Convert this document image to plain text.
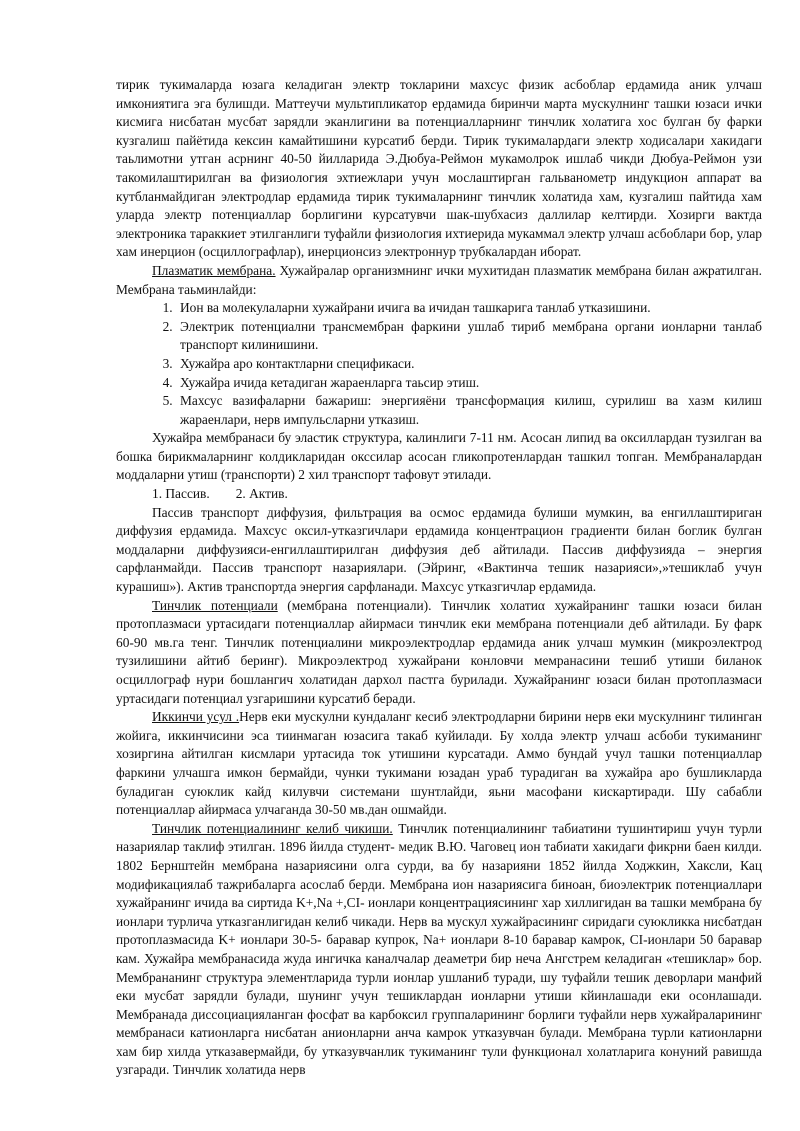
тирик тукималарда юзага келадиган электр токларини махсус физик асбоблар ердамида аник улчаш имкониятига эга булишди. Маттеучи мультипликатор ердамида биринчи марта мускулнинг ташки юзаси ички кисмига нисбатан мусбат зарядли эканлигини ва потенциалларнинг тинчлик холатига хос булган бу фарки кузгалиш пайётида кексин камайтишини курсатиб берди. Тирик тукималардаги электр ходисалари хакидаги таьлимотни утган асрнинг 40-50 йилларида Э.Дюбуа-Реймон мукамолрок ишлаб чикди Дюбуа-Реймон узи такомилаштирилган ва физиология эхтиежлари учун мослаштирган гальванометр индукцион аппарат ва кутбланмайдиган электродлар ердамида тирик тукималарнинг тинчлик холатида хам, кузгалиш пайтида хам уларда электр потенциаллар борлигини курсатувчи шак-шубхасиз даллилар келтирди. Хозирги вактда электроника тараккиет этилганлиги туфайли физиология ихтиерида мукаммал электр улчаш асбоблари бор, улар хам инерцион (осциллографлар), инерционсиз электроннур трубкалардан иборат.

Плазматик мембрана. Хужайралар организмнинг ички мухитидан плазматик мембрана билан ажратилган. Мембрана таьминлайди:

1. Ион ва молекулаларни хужайрани ичига ва ичидан ташкарига танлаб утказишини.
2. Электрик потенциални трансмембран фаркини ушлаб тириб мембрана органи ионларни танлаб транспорт килинишини.
3. Хужайра аро контактларни спецификаси.
4. Хужайра ичида кетадиган жараенларга таьсир этиш.
5. Махсус вазифаларни бажариш: энергияёни трансформация килиш, сурилиш ва хазм килиш жараенлари, нерв импульсларни утказиш.

Хужайра мембранаси бу эластик структура, калинлиги 7-11 нм. Асосан липид ва оксиллардан тузилган ва бошка бирикмаларнинг колдикларидан окссилар асосан гликопротенлардан ташкил топган. Мембраналардан моддаларни утиш (транспорти) 2 хил транспорт тафовут этилади.

1. Пассив. 2. Актив.

Пассив транспорт диффузия, фильтрация ва осмос ердамида булиши мумкин, ва енгиллаштириган диффузия ердамида. Махсус оксил-утказгичлари ердамида концентрацион градиенти билан боглик булган моддаларни диффузияси-енгиллаштирилган диффузия деб айтилади. Пассив диффузияда – энергия сарфланмайди. Пассив транспорт назариялари. (Эйринг, «Вактинча тешик назарияси»,»тешиклаб учун курашиш»). Актив транспортда энергия сарфланади. Махсус утказгичлар ердамида.

Тинчлик потенциали (мембрана потенциали). Тинчлик холатиα хужайранинг ташки юзаси билан протоплазмаси уртасидаги потенциаллар айирмаси тинчлик еки мембрана потенциали деб айтилади. Бу фарк 60-90 мв.га тенг. Тинчлик потенциалини микроэлектродлар ердамида аник улчаш мумкин (микроэлектрод тузилишини айтиб беринг). Микроэлектрод хужайрани конловчи мемранасини тешиб утиши биланок осциллограф нури бошлангич холатидан дархол пастга бурилади. Хужайранинг юзаси билан протоплазмаси уртасидаги потенциал узгаришини курсатиб беради.

Иккинчи усул .Нерв еки мускулни кундаланг кесиб электродларни бирини нерв еки мускулнинг тилинган жойига, иккинчисини эса тиинмаган юзасига такаб куйилади. Бу холда электр улчаш асбоби тукиманинг хозиргина айтилган кисмлари уртасида ток утишини курсатади. Аммо бундай учул ташки потенциаллар фаркини улчашга имкон бермайди, чунки тукимани юзадан ураб турадиган ва хужайра аро бушликларда буладиган суюклик кайд килувчи системани шунтлайди, яьни масофани кискартиради. Шу сабабли потенциаллар айирмаса улчаганда 30-50 мв.дан ошмайди.

Тинчлик потенциалининг келиб чикиши. Тинчлик потенциалининг табиатини тушинтириш учун турли назариялар таклиф этилган. 1896 йилда студент- медик В.Ю. Чаговец ион табиати хакидаги фикрни баен килди. 1802 Бернштейн мембрана назариясини олга сурди, ва бу назарияни 1852 йилда Ходжкин, Хаксли, Кац модификациялаб тажрибаларга асослаб берди. Мембрана ион назариясига биноан, биоэлектрик потенциаллари хужайранинг ичида ва сиртида K+,Na +,CI- ионлари концентрациясининг хар хиллигидан ва ташки мембрана бу ионлари турлича утказганлигидан келиб чикади. Нерв ва мускул хужайрасининг сиридаги суюкликка нисбатдан протоплазмасида K+ ионлари 30-5- баравар купрок, Na+ ионлари 8-10 баравар камрок, CI-ионлари 50 баравар кам. Хужайра мембранасида жуда ингичка каналчалар деаметри бир неча Ангстрем келадиган «тешиклар» бор. Мембрананинг структура элементларида турли ионлар ушланиб туради, шу туфайли тешик деворлари манфий еки мусбат зарядли булади, шунинг учун тешиклардан ионларни утиши кйинлашади еки осонлашади. Мембранада диссоциацияланган фосфат ва карбоксил группаларининг борлиги туфайли нерв хужайраларининг мембранаси катионларга нисбатан анионларни анча камрок утказувчан булади. Мембрана турли катионларни хам бир хилда утказавермайди, бу утказувчанлик тукиманинг тули функционал холатларига конуний равишда узгаради. Тинчлик холатида нерв
